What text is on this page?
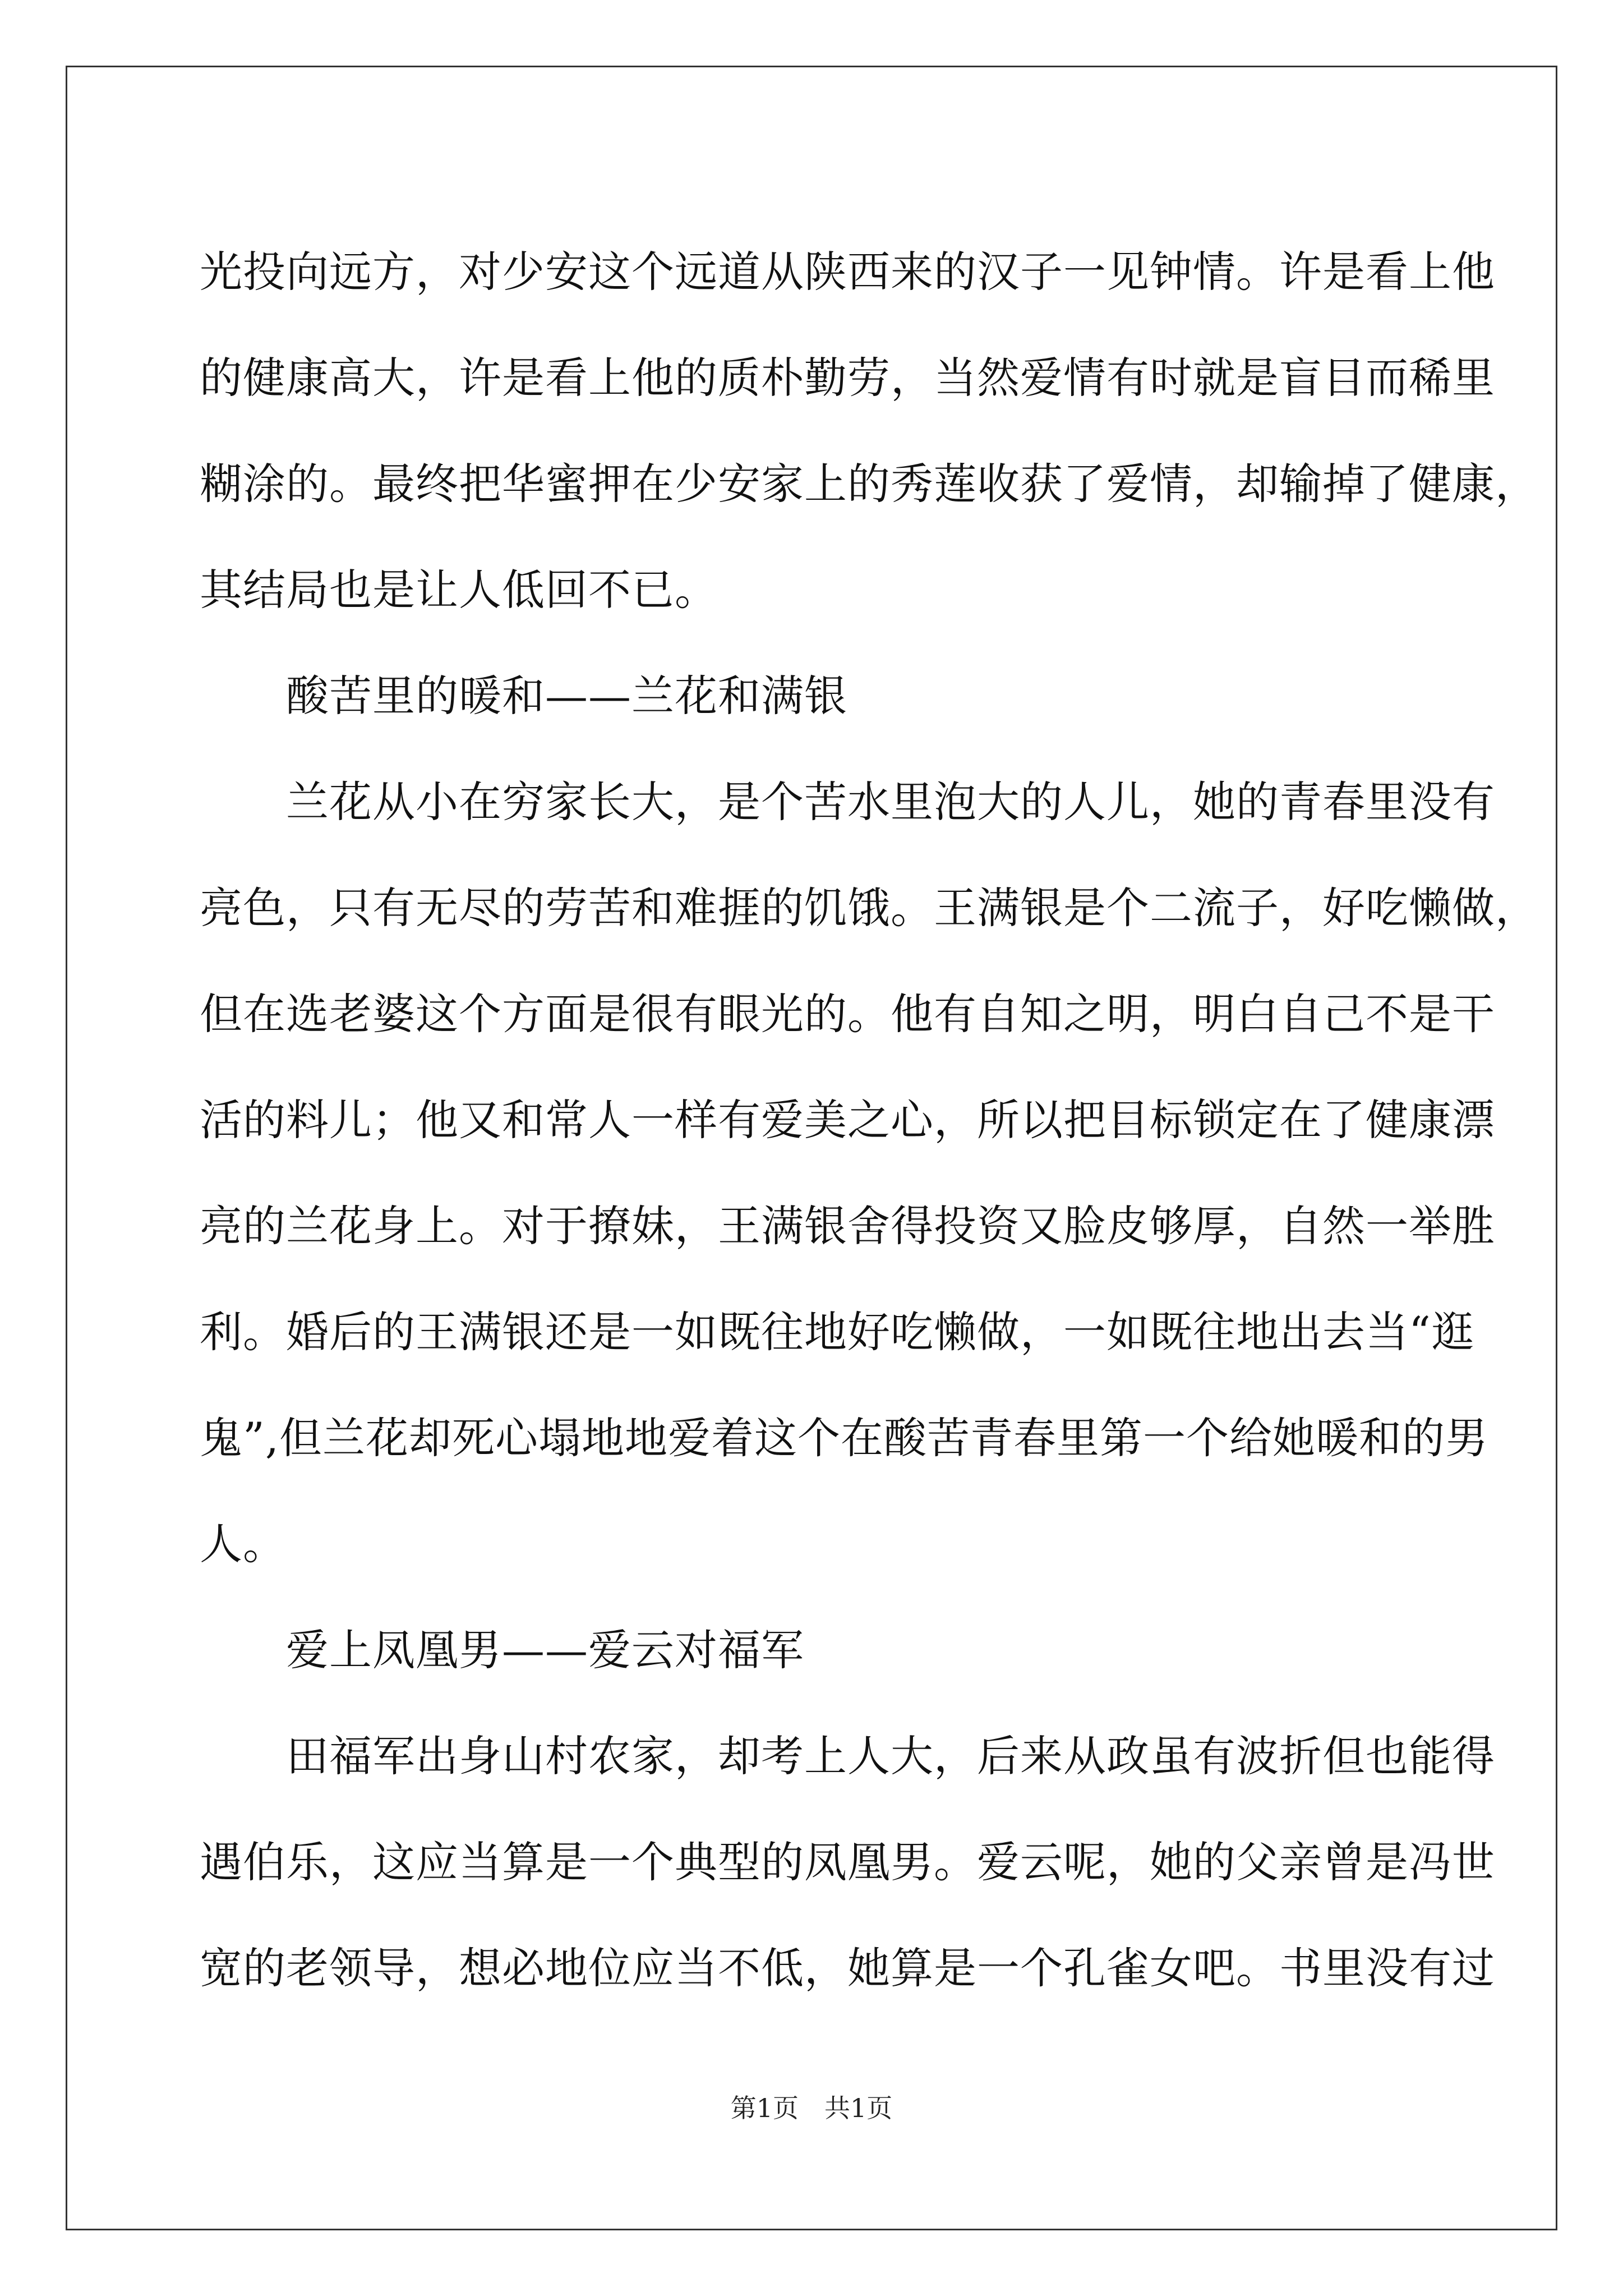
光投向远方，对少安这个远道从陕西来的汉子一见钟情。许是看上他
的健康高大，许是看上他的质朴勤劳，当然爱情有时就是盲目而稀里
糊涂的。最终把华蜜押在少安家上的秀莲收获了爱情，却输掉了健康，
其结局也是让人低回不已。
　　酸苦里的暖和——兰花和满银
　　兰花从小在穷家长大，是个苦水里泡大的人儿，她的青春里没有
亮色，只有无尽的劳苦和难捱的饥饿。王满银是个二流子，好吃懒做，
但在选老婆这个方面是很有眼光的。他有自知之明，明白自己不是干
活的料儿；他又和常人一样有爱美之心，所以把目标锁定在了健康漂
亮的兰花身上。对于撩妹，王满银舍得投资又脸皮够厚，自然一举胜
利。婚后的王满银还是一如既往地好吃懒做，一如既往地出去当“逛
鬼”,但兰花却死心塌地地爱着这个在酸苦青春里第一个给她暖和的男
人。
　　爱上凤凰男——爱云对福军
　　田福军出身山村农家，却考上人大，后来从政虽有波折但也能得
遇伯乐，这应当算是一个典型的凤凰男。爱云呢，她的父亲曾是冯世
宽的老领导，想必地位应当不低，她算是一个孔雀女吧。书里没有过
第1页　共1页
